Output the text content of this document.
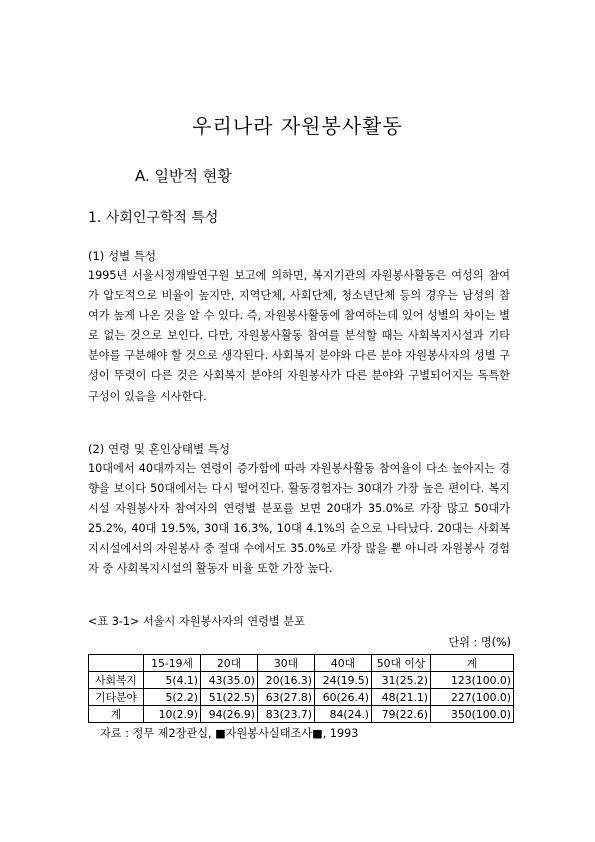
우리나라 자원봉사활동
A. 일반적 현황
1. 사회인구학적 특성
(1) 성별 특성
1995년 서울시정개발연구원 보고에 의하면, 복지기관의 자원봉사활동은 여성의 참여가 압도적으로 비율이 높지만, 지역단체, 사회단체, 청소년단체 등의 경우는 남성의 참여가 높게 나온 것을 알 수 있다. 즉, 자원봉사활동에 참여하는데 있어 성별의 차이는 별로 없는 것으로 보인다. 다만, 자원봉사활동 참여를 분석할 때는 사회복지시설과 기타 분야를 구분해야 할 것으로 생각된다. 사회복지 분야와 다른 분야 자원봉사자의 성별 구성이 뚜렷이 다른 것은 사회복지 분야의 자원봉사가 다른 분야와 구별되어지는 독특한 구성이 있음을 시사한다.
(2) 연령 및 혼인상태별 특성
10대에서 40대까지는 연령이 증가함에 따라 자원봉사활동 참여율이 다소 높아지는 경향을 보이다 50대에서는 다시 떨어진다. 활동경험자는 30대가 가장 높은 편이다. 복지시설 자원봉사자 참여자의 연령별 분포를 보면 20대가 35.0%로 가장 많고 50대가 25.2%, 40대 19.5%, 30대 16.3%, 10대 4.1%의 순으로 나타났다. 20대는 사회복지시설에서의 자원봉사 중 절대 수에서도 35.0%로 가장 많을 뿐 아니라 자원봉사 경험자 중 사회복지시설의 활동자 비율 또한 가장 높다.
<표 3-1> 서울시 자원봉사자의 연령별 분포
단위 : 명(%)
	15-19세	20대	30대	40대	50대 이상	계
사회복지	5(4.1)	43(35.0)	20(16.3)	24(19.5)	31(25.2)	123(100.0)
기타분야	5(2.2)	51(22.5)	63(27.8)	60(26.4)	48(21.1)	227(100.0)
계	10(2.9)	94(26.9)	83(23.7)	84(24.)	79(22.6)	350(100.0)
자료 : 정무 제2장관실, ■자원봉사실태조사■, 1993
